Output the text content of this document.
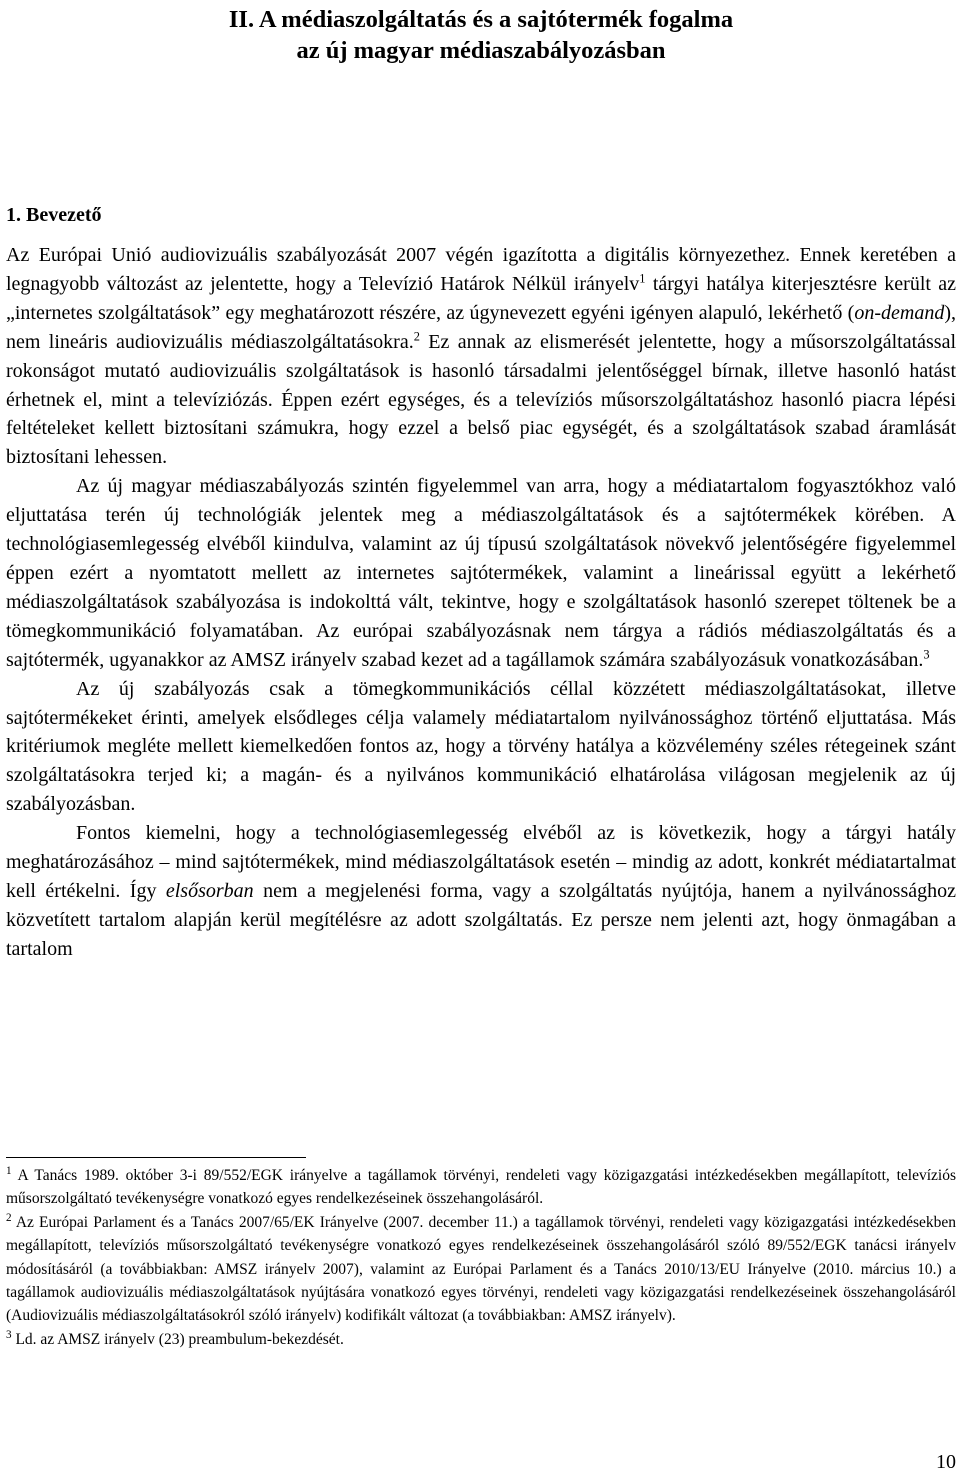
II. A médiaszolgáltatás és a sajtótermék fogalma
az új magyar médiaszabályozásban
1. Bevezető

Az Európai Unió audiovizuális szabályozását 2007 végén igazította a digitális környezethez. Ennek keretében a legnagyobb változást az jelentette, hogy a Televízió Határok Nélkül irányelv$^1$ tárgyi hatálya kiterjesztésre került az „internetes szolgáltatások” egy meghatározott részére, az úgynevezett egyéni igényen alapuló, lekérhető (on-demand), nem lineáris audiovizuális médiaszolgáltatásokra.$^2$ Ez annak az elismerését jelentette, hogy a műsorszolgáltatással rokonságot mutató audiovizuális szolgáltatások is hasonló társadalmi jelentőséggel bírnak, illetve hasonló hatást érhetnek el, mint a televíziózás. Éppen ezért egységes, és a televíziós műsorszolgáltatáshoz hasonló piacra lépési feltételeket kellett biztosítani számukra, hogy ezzel a belső piac egységét, és a szolgáltatások szabad áramlását biztosítani lehessen.

Az új magyar médiaszabályozás szintén figyelemmel van arra, hogy a médiatartalom fogyasztókhoz való eljuttatása terén új technológiák jelentek meg a médiaszolgáltatások és a sajtótermékek körében. A technológiasemlegesség elvéből kiindulva, valamint az új típusú szolgáltatások növekvő jelentőségére figyelemmel éppen ezért a nyomtatott mellett az internetes sajtótermékek, valamint a lineárissal együtt a lekérhető médiaszolgáltatások szabályozása is indokolttá vált, tekintve, hogy e szolgáltatások hasonló szerepet töltenek be a tömegkommunikáció folyamatában. Az európai szabályozásnak nem tárgya a rádiós médiaszolgáltatás és a sajtótermék, ugyanakkor az AMSZ irányelv szabad kezet ad a tagállamok számára szabályozásuk vonatkozásában.$^3$

Az új szabályozás csak a tömegkommunikációs céllal közzétett médiaszolgáltatásokat, illetve sajtótermékeket érinti, amelyek elsődleges célja valamely médiatartalom nyilvánossághoz történő eljuttatása. Más kritériumok megléte mellett kiemelkedően fontos az, hogy a törvény hatálya a közvélemény széles rétegeinek szánt szolgáltatásokra terjed ki; a magán- és a nyilvános kommunikáció elhatárolása világosan megjelenik az új szabályozásban.

Fontos kiemelni, hogy a technológiasemlegesség elvéből az is következik, hogy a tárgyi hatály meghatározásához – mind sajtótermékek, mind médiaszolgáltatások esetén – mindig az adott, konkrét médiatartalmat kell értékelni. Így elsősorban nem a megjelenési forma, vagy a szolgáltatás nyújtója, hanem a nyilvánossághoz közvetített tartalom alapján kerül megítélésre az adott szolgáltatás. Ez persze nem jelenti azt, hogy önmagában a tartalom

$^1$ A Tanács 1989. október 3-i 89/552/EGK irányelve a tagállamok törvényi, rendeleti vagy közigazgatási intézkedésekben megállapított, televíziós műsorszolgáltató tevékenységre vonatkozó egyes rendelkezéseinek összehangolásáról.

$^2$ Az Európai Parlament és a Tanács 2007/65/EK Irányelve (2007. december 11.) a tagállamok törvényi, rendeleti vagy közigazgatási intézkedésekben megállapított, televíziós műsorszolgáltató tevékenységre vonatkozó egyes rendelkezéseinek összehangolásáról szóló 89/552/EGK tanácsi irányelv módosításáról (a továbbiakban: AMSZ irányelv 2007), valamint az Európai Parlament és a Tanács 2010/13/EU Irányelve (2010. március 10.) a tagállamok audiovizuális médiaszolgáltatások nyújtására vonatkozó egyes törvényi, rendeleti vagy közigazgatási rendelkezéseinek összehangolásáról (Audiovizuális médiaszolgáltatásokról szóló irányelv) kodifikált változat (a továbbiakban: AMSZ irányelv).

$^3$ Ld. az AMSZ irányelv (23) preambulum-bekezdését.

10
